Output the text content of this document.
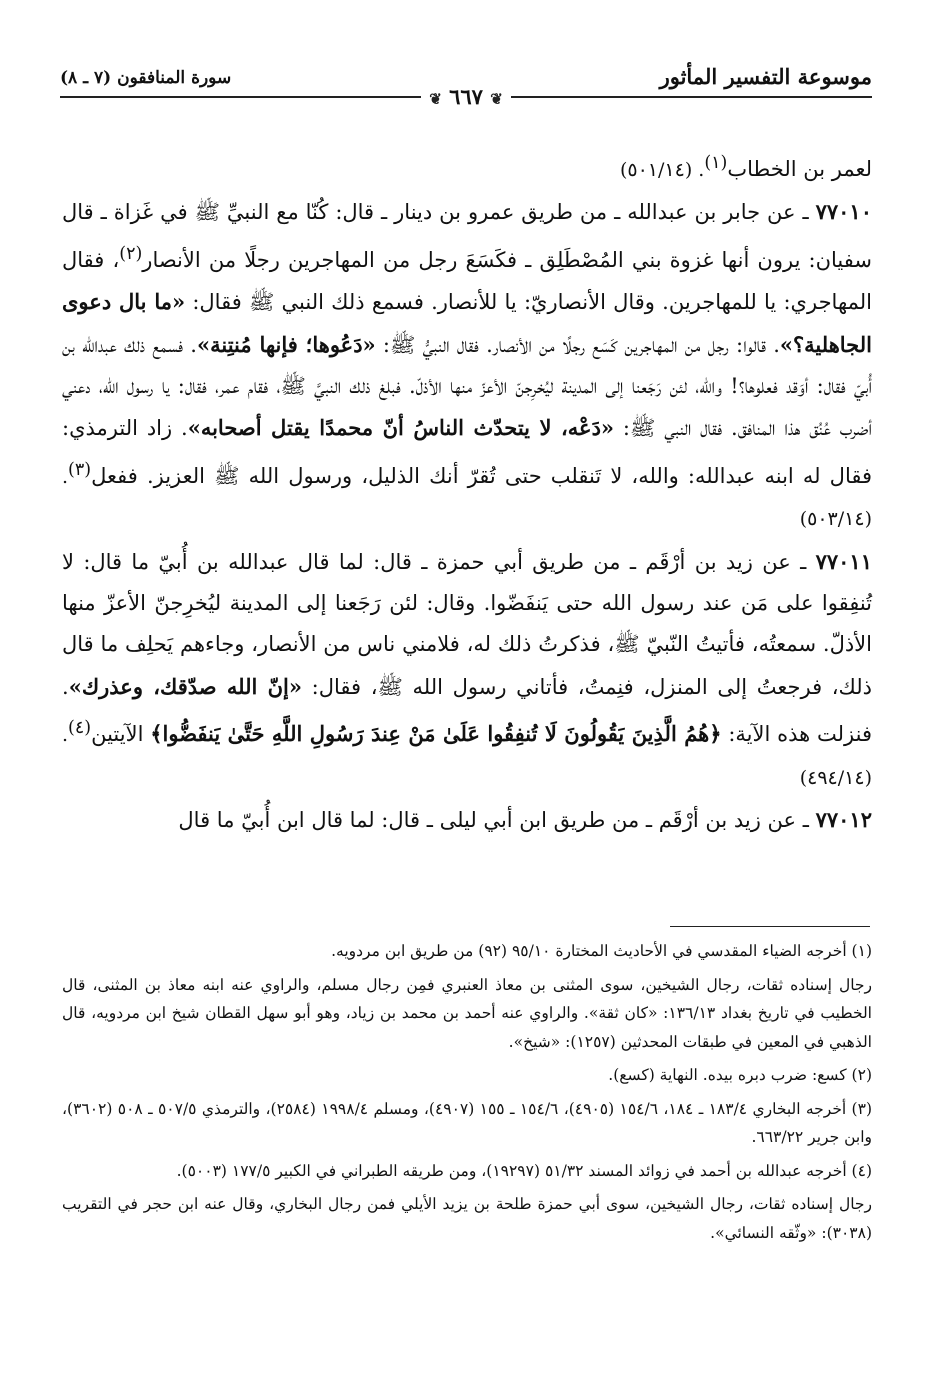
موسوعة التفسير المأثور
سورة المنافقون (٧ ـ ٨)
❦ ٦٦٧ ❦

لعمر بن الخطاب$^{(١)}$. (٥٠١/١٤)

٧٧٠١٠ ـ عن جابر بن عبدالله ـ من طريق عمرو بن دينار ـ قال: كُنّا مع النبيِّ ﷺ في غَزاة ـ قال سفيان: يرون أنها غزوة بني المُصْطَلِق ـ فكَسَعَ رجل من المهاجرين رجلًا من الأنصار$^{(٢)}$، فقال المهاجري: يا للمهاجرين. وقال الأنصاريّ: يا للأنصار. فسمع ذلك النبي ﷺ فقال: «ما بال دعوى الجاهلية؟». قالوا: رجل من المهاجرين كَسَع رجلًا من الأنصار. فقال النبيُّ ﷺ: «دَعُوها؛ فإنها مُنتِنة». فسمع ذلك عبدالله بن أُبيّ فقال: أوَقد فعلوها؟! والله، لئن رَجَعنا إلى المدينة ليُخرِجنّ الأعزّ منها الأذلّ. فبلغ ذلك النبيَّ ﷺ، فقام عمر، فقال: يا رسول الله، دعني أضرب عُنُق هذا المنافق. فقال النبي ﷺ: «دَعْه، لا يتحدّث الناسُ أنّ محمدًا يقتل أصحابه». زاد الترمذي: فقال له ابنه عبدالله: والله، لا تَنقلب حتى تُقرّ أنك الذليل، ورسول الله ﷺ العزيز. ففعل$^{(٣)}$. (٥٠٣/١٤)

٧٧٠١١ ـ عن زيد بن أرْقَم ـ من طريق أبي حمزة ـ قال: لما قال عبدالله بن أُبيّ ما قال: لا تُنفِقوا على مَن عند رسول الله حتى يَنفَضّوا. وقال: لئن رَجَعنا إلى المدينة ليُخرِجنّ الأعزّ منها الأذلّ. سمعتُه، فأتيتُ النّبيّ ﷺ، فذكرتُ ذلك له، فلامني ناس من الأنصار، وجاءهم يَحلِف ما قال ذلك، فرجعتُ إلى المنزل، فنِمتُ، فأتاني رسول الله ﷺ، فقال: «إنّ الله صدّقك، وعذرك». فنزلت هذه الآية: ﴿هُمُ الَّذِينَ يَقُولُونَ لَا تُنفِقُوا عَلَىٰ مَنْ عِندَ رَسُولِ اللَّهِ حَتَّىٰ يَنفَضُّوا﴾ الآيتين$^{(٤)}$. (٤٩٤/١٤)

٧٧٠١٢ ـ عن زيد بن أرْقَم ـ من طريق ابن أبي ليلى ـ قال: لما قال ابن أُبيّ ما قال

(١) أخرجه الضياء المقدسي في الأحاديث المختارة ٩٥/١٠ (٩٢) من طريق ابن مردويه.

رجال إسناده ثقات، رجال الشيخين، سوى المثنى بن معاذ العنبري فمِن رجال مسلم، والراوي عنه ابنه معاذ بن المثنى، قال الخطيب في تاريخ بغداد ١٣٦/١٣: «كان ثقة». والراوي عنه أحمد بن محمد بن زياد، وهو أبو سهل القطان شيخ ابن مردويه، قال الذهبي في المعين في طبقات المحدثين (١٢٥٧): «شيخ».

(٢) كسع: ضرب دبره بيده. النهاية (كسع).

(٣) أخرجه البخاري ١٨٣/٤ ـ ١٨٤، ١٥٤/٦ (٤٩٠٥)، ١٥٤/٦ ـ ١٥٥ (٤٩٠٧)، ومسلم ١٩٩٨/٤ (٢٥٨٤)، والترمذي ٥٠٧/٥ ـ ٥٠٨ (٣٦٠٢)، وابن جرير ٦٦٣/٢٢.

(٤) أخرجه عبدالله بن أحمد في زوائد المسند ٥١/٣٢ (١٩٢٩٧)، ومن طريقه الطبراني في الكبير ١٧٧/٥ (٥٠٠٣).

رجال إسناده ثقات، رجال الشيخين، سوى أبي حمزة طلحة بن يزيد الأيلي فمن رجال البخاري، وقال عنه ابن حجر في التقريب (٣٠٣٨): «وثّقه النسائي».
